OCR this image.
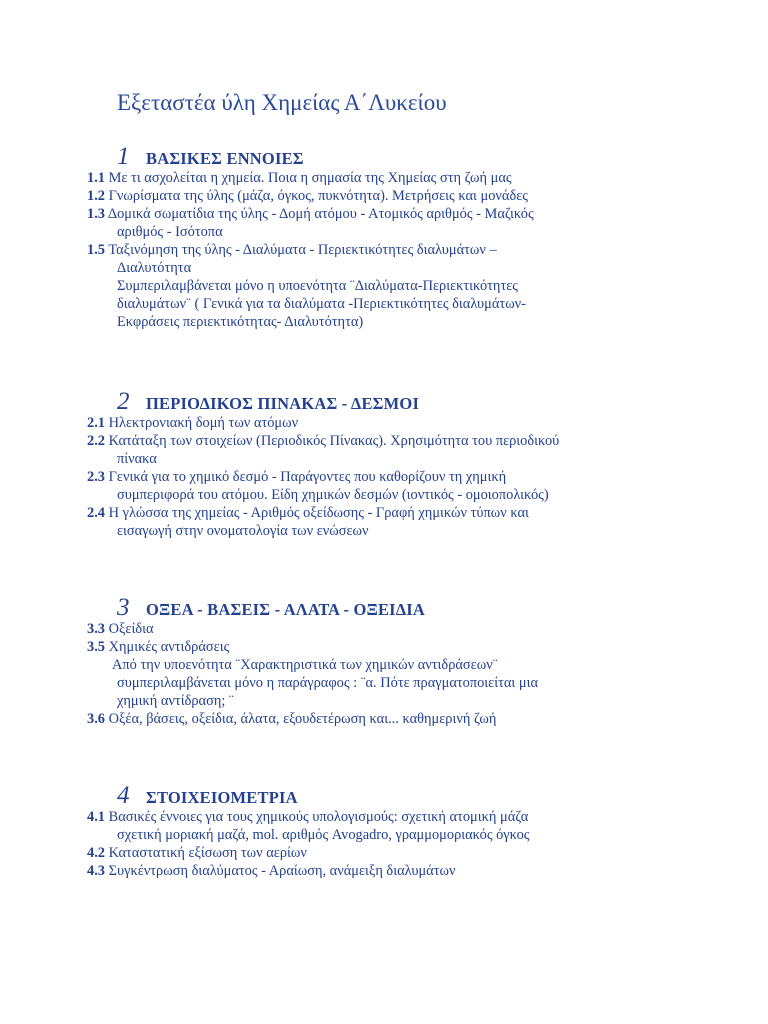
Εξεταστέα ύλη Χημείας Α΄Λυκείου
1 ΒΑΣΙΚΕΣ ΕΝΝΟΙΕΣ
1.1 Με τι ασχολείται η χημεία. Ποια η σημασία της Χημείας στη ζωή μας
1.2 Γνωρίσματα της ύλης (μάζα, όγκος, πυκνότητα). Μετρήσεις και μονάδες
1.3 Δομικά σωματίδια της ύλης - Δομή ατόμου - Ατομικός αριθμός - Μαζικός
αριθμός - Ισότοπα
1.5 Ταξινόμηση της ύλης - Διαλύματα - Περιεκτικότητες διαλυμάτων –
Διαλυτότητα
Συμπεριλαμβάνεται μόνο η υποενότητα ¨Διαλύματα-Περιεκτικότητες
διαλυμάτων¨ ( Γενικά για τα διαλύματα -Περιεκτικότητες διαλυμάτων-
Εκφράσεις περιεκτικότητας- Διαλυτότητα)
2 ΠΕΡΙΟΔΙΚΟΣ ΠΙΝΑΚΑΣ - ΔΕΣΜΟΙ
2.1 Ηλεκτρονιακή δομή των ατόμων
2.2 Κατάταξη των στοιχείων (Περιοδικός Πίνακας). Χρησιμότητα του περιοδικού
πίνακα
2.3 Γενικά για το χημικό δεσμό - Παράγοντες που καθορίζουν τη χημική
συμπεριφορά του ατόμου. Είδη χημικών δεσμών (ιοντικός - ομοιοπολικός)
2.4 Η γλώσσα της χημείας - Αριθμός οξείδωσης - Γραφή χημικών τύπων και
εισαγωγή στην ονοματολογία των ενώσεων
3 ΟΞΕΑ - ΒΑΣΕΙΣ - ΑΛΑΤΑ - ΟΞΕΙΔΙΑ
3.3 Οξείδια
3.5 Χημικές αντιδράσεις
Από την υποενότητα ¨Χαρακτηριστικά των χημικών αντιδράσεων¨
συμπεριλαμβάνεται μόνο η παράγραφος : ¨α. Πότε πραγματοποιείται μια
χημική αντίδραση; ¨
3.6 Οξέα, βάσεις, οξείδια, άλατα, εξουδετέρωση και... καθημερινή ζωή
4 ΣΤΟΙΧΕΙΟΜΕΤΡΙΑ
4.1 Βασικές έννοιες για τους χημικούς υπολογισμούς: σχετική ατομική μάζα
σχετική μοριακή μαζά, mol. αριθμός Avogadro, γραμμομοριακός όγκος
4.2 Καταστατική εξίσωση των αερίων
4.3 Συγκέντρωση διαλύματος - Αραίωση, ανάμειξη διαλυμάτων
